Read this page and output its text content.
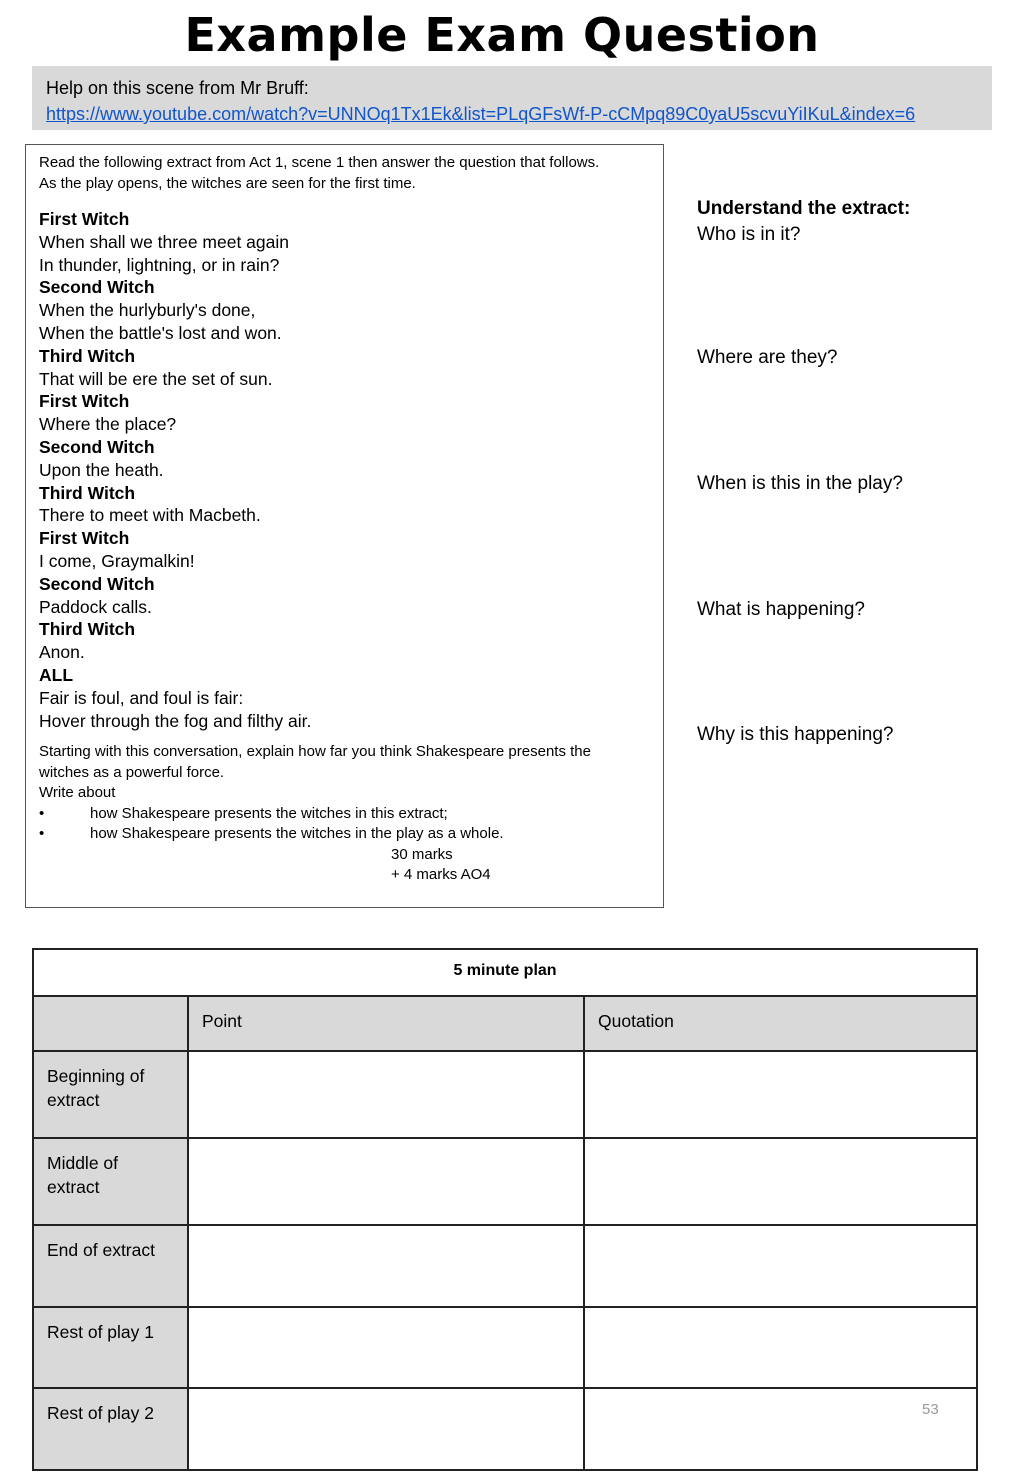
Example Exam Question
Help on this scene from Mr Bruff:
https://www.youtube.com/watch?v=UNNOq1Tx1Ek&list=PLqGFsWf-P-cCMpq89C0yaU5scvuYiIKuL&index=6
Read the following extract from Act 1, scene 1 then answer the question that follows.
As the play opens, the witches are seen for the first time.
First Witch
When shall we three meet again
In thunder, lightning, or in rain?
Second Witch
When the hurlyburly's done,
When the battle's lost and won.
Third Witch
That will be ere the set of sun.
First Witch
Where the place?
Second Witch
Upon the heath.
Third Witch
There to meet with Macbeth.
First Witch
I come, Graymalkin!
Second Witch
Paddock calls.
Third Witch
Anon.
ALL
Fair is foul, and foul is fair:
Hover through the fog and filthy air.
Starting with this conversation, explain how far you think Shakespeare presents the
witches as a powerful force.
Write about
•	how Shakespeare presents the witches in this extract;
•	how Shakespeare presents the witches in the play as a whole.
30 marks
+ 4 marks AO4
Understand the extract:
Who is in it?
Where are they?
When is this in the play?
What is happening?
Why is this happening?
5 minute plan		
	Point	Quotation
Beginning of extract		
Middle of extract		
End of extract		
Rest of play 1		
Rest of play 2			53
